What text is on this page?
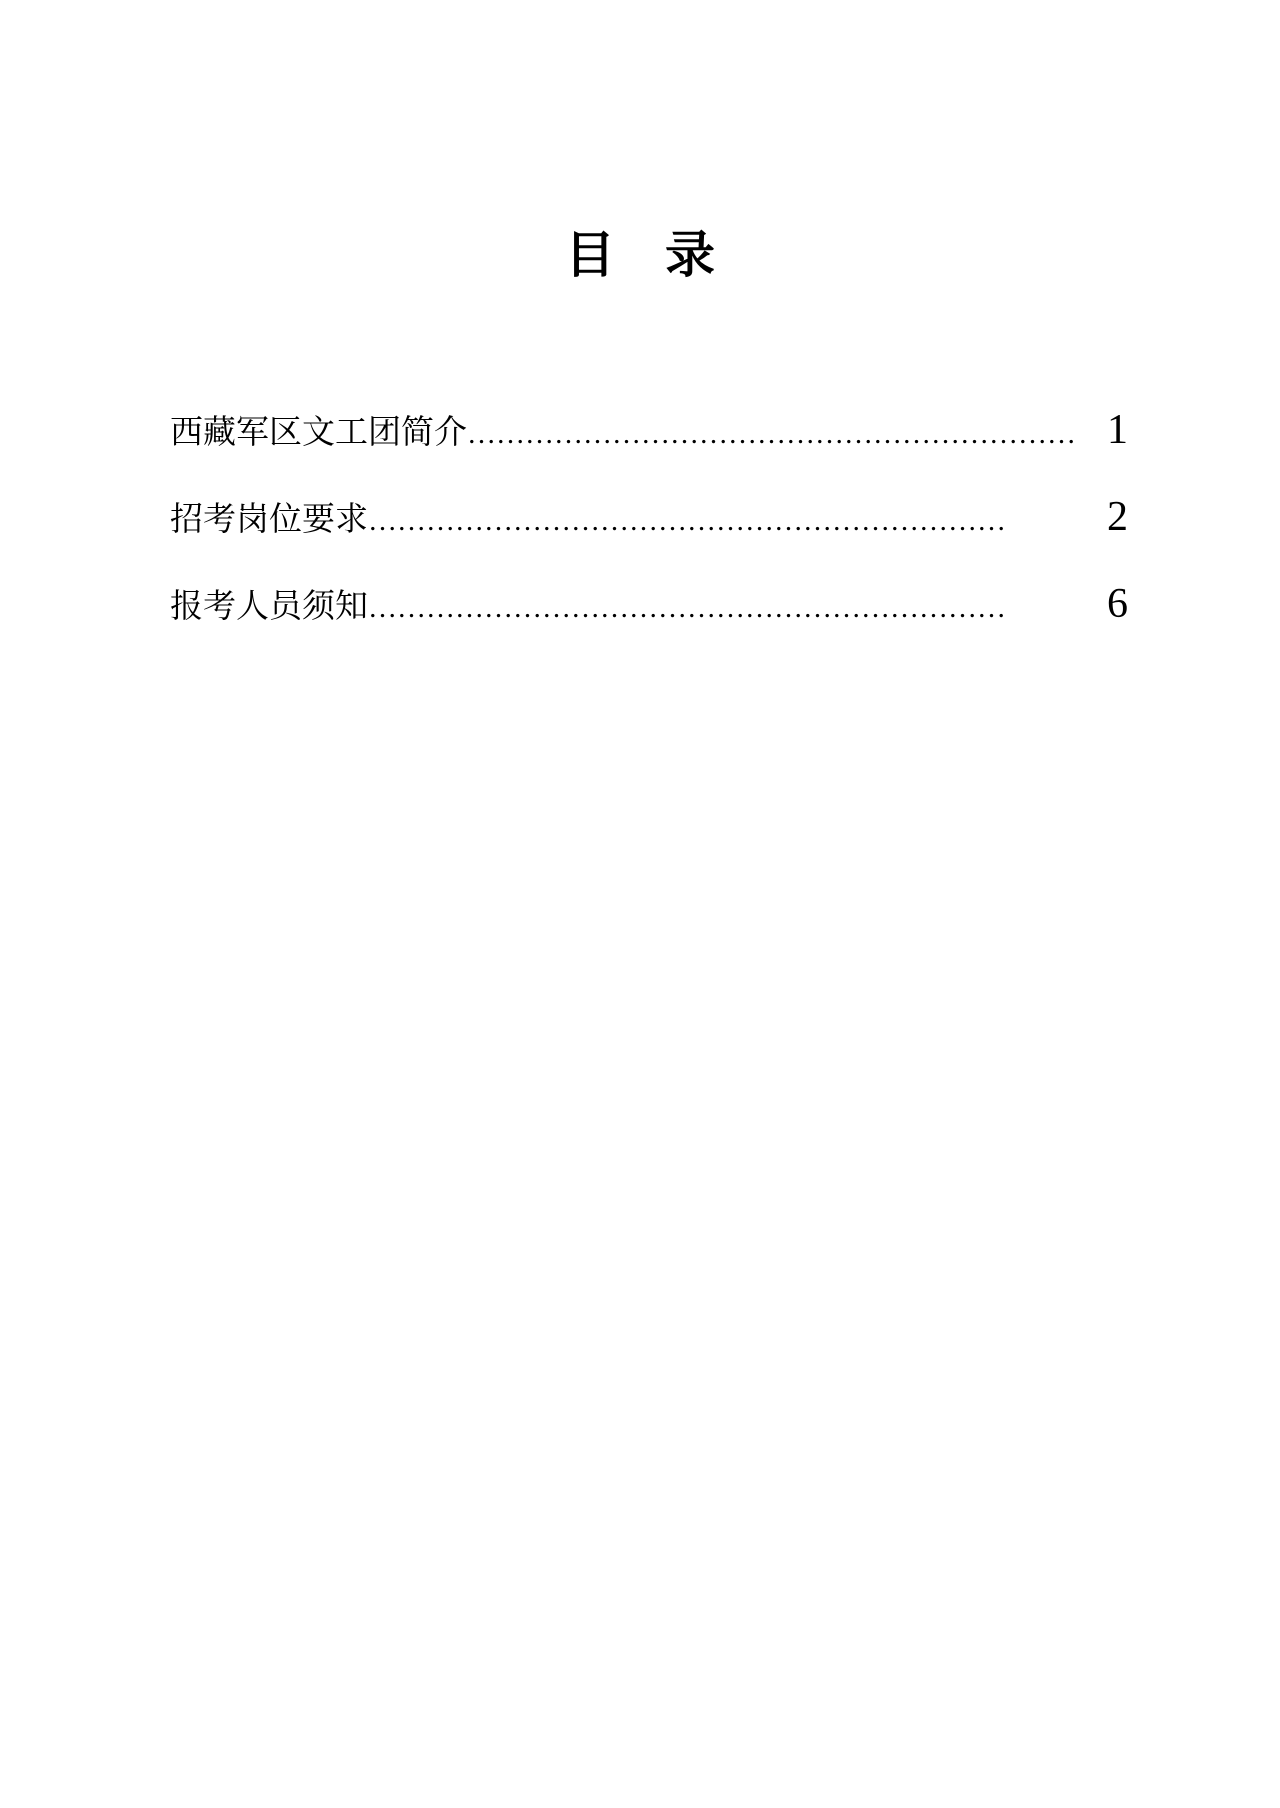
目　录
西藏军区文工团简介 ……………………………………………………… 1
招考岗位要求 …………………………………………………………	2
报考人员须知 …………………………………………………………	6
